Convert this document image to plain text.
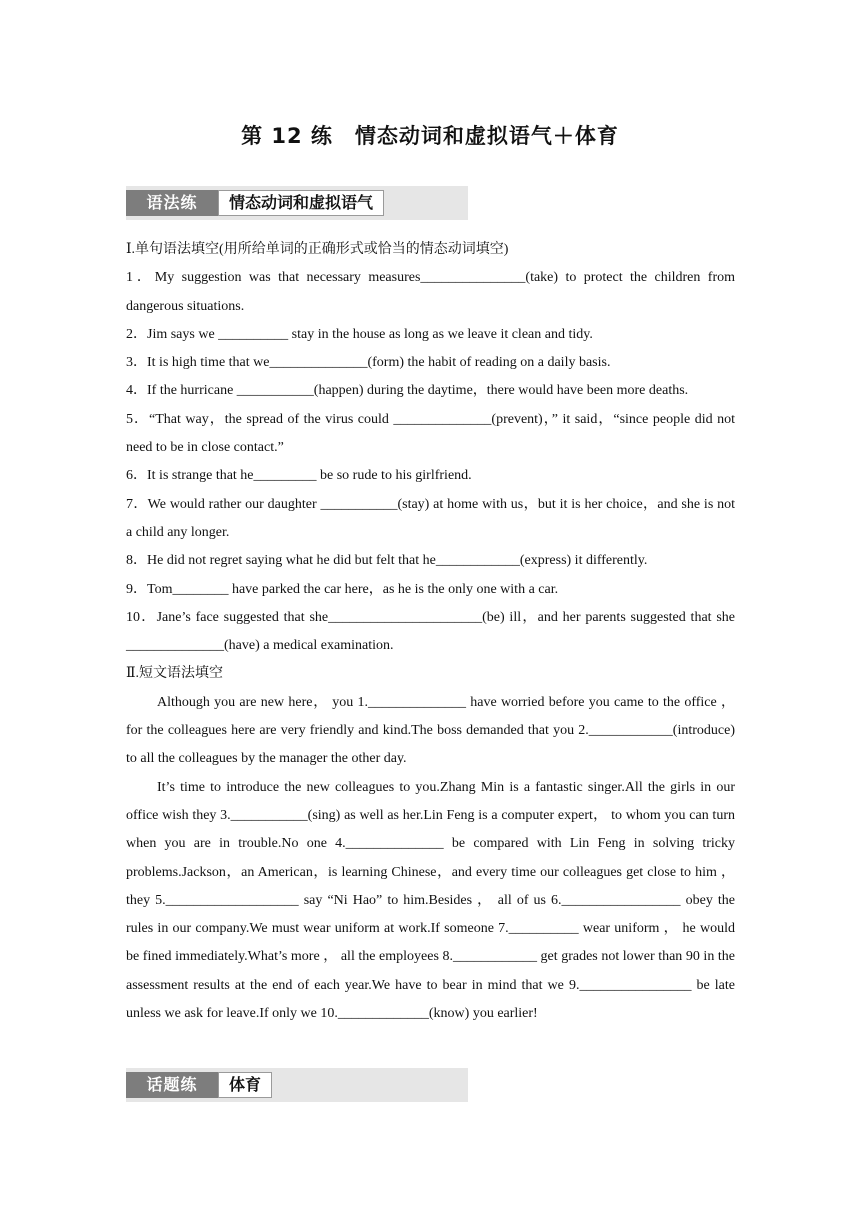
第 12 练　情态动词和虚拟语气＋体育
语法练	情态动词和虚拟语气

Ⅰ.单句语法填空(用所给单词的正确形式或恰当的情态动词填空)

1．My suggestion was that necessary measures_______________(take) to protect the children from dangerous situations.

2．Jim says we __________ stay in the house as long as we leave it clean and tidy.

3．It is high time that we______________(form) the habit of reading on a daily basis.

4．If the hurricane ___________(happen) during the daytime，there would have been more deaths.

5．“That way，the spread of the virus could ______________(prevent)，” it said，“since people did not need to be in close contact.”

6．It is strange that he_________ be so rude to his girlfriend.

7．We would rather our daughter ___________(stay) at home with us，but it is her choice，and she is not a child any longer.

8．He did not regret saying what he did but felt that he____________(express) it differently.

9．Tom________ have parked the car here，as he is the only one with a car.

10．Jane’s face suggested that she______________________(be) ill，and her parents suggested that she ______________(have) a medical examination.

Ⅱ.短文语法填空

Although you are new here， you 1.______________ have worried before you came to the office ， for the colleagues here are very friendly and kind.The boss demanded that you 2.____________(introduce) to all the colleagues by the manager the other day.

It’s time to introduce the new colleagues to you.Zhang Min is a fantastic singer.All the girls in our office wish they 3.___________(sing) as well as her.Lin Feng is a computer expert， to whom you can turn when you are in trouble.No one 4.______________ be compared with Lin Feng in solving tricky problems.Jackson，an American，is learning Chinese，and every time our colleagues get close to him ， they 5.___________________ say “Ni Hao” to him.Besides ， all of us 6._________________ obey the rules in our company.We must wear uniform at work.If someone 7.__________ wear uniform ， he would be fined immediately.What’s more ， all the employees 8.____________ get grades not lower than 90 in the assessment results at the end of each year.We have to bear in mind that we 9.________________ be late unless we ask for leave.If only we 10._____________(know) you earlier!

话题练	体育
